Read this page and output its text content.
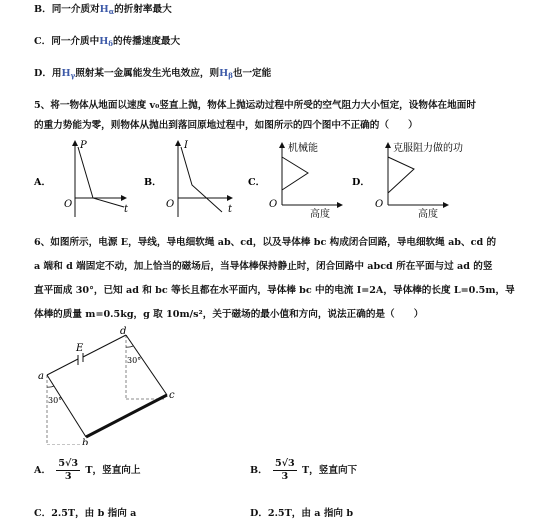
B．同一介质对$H_\alpha$的折射率最大
C．同一介质中$H_\delta$的传播速度最大
D．用$H_\gamma$照射某一金属能发生光电效应，则$H_\beta$也一定能
5、将一物体从地面以速度 v₀竖直上抛，物体上抛运动过程中所受的空气阻力大小恒定，设物体在地面时
的重力势能为零，则物体从抛出到落回原地过程中，如图所示的四个图中不正确的（　　）
A．
P
O	t
B．
I
O	t
C．
机械能
O
高度
D．
克服阻力做的功
O
高度
6、如图所示，电源 E，导线，导电细软绳 ab、cd，以及导体棒 bc 构成闭合回路，导电细软绳 ab、cd 的
a 端和 d 端固定不动，加上恰当的磁场后，当导体棒保持静止时，闭合回路中 abcd 所在平面与过 ad 的竖
直平面成 30°，已知 ad 和 bc 等长且都在水平面内，导体棒 bc 中的电流 I=2A，导体棒的长度 L=0.5m，导
体棒的质量 m=0.5kg，g 取 10m/s²，关于磁场的最小值和方向，说法正确的是（　　）
E
a
d
c
b
30°
30°
A． $\frac{5√3}{3}$ T，竖直向上	B． $\frac{5√3}{3}$ T，竖直向下
C．2.5T，由 b 指向 a	D．2.5T，由 a 指向 b
